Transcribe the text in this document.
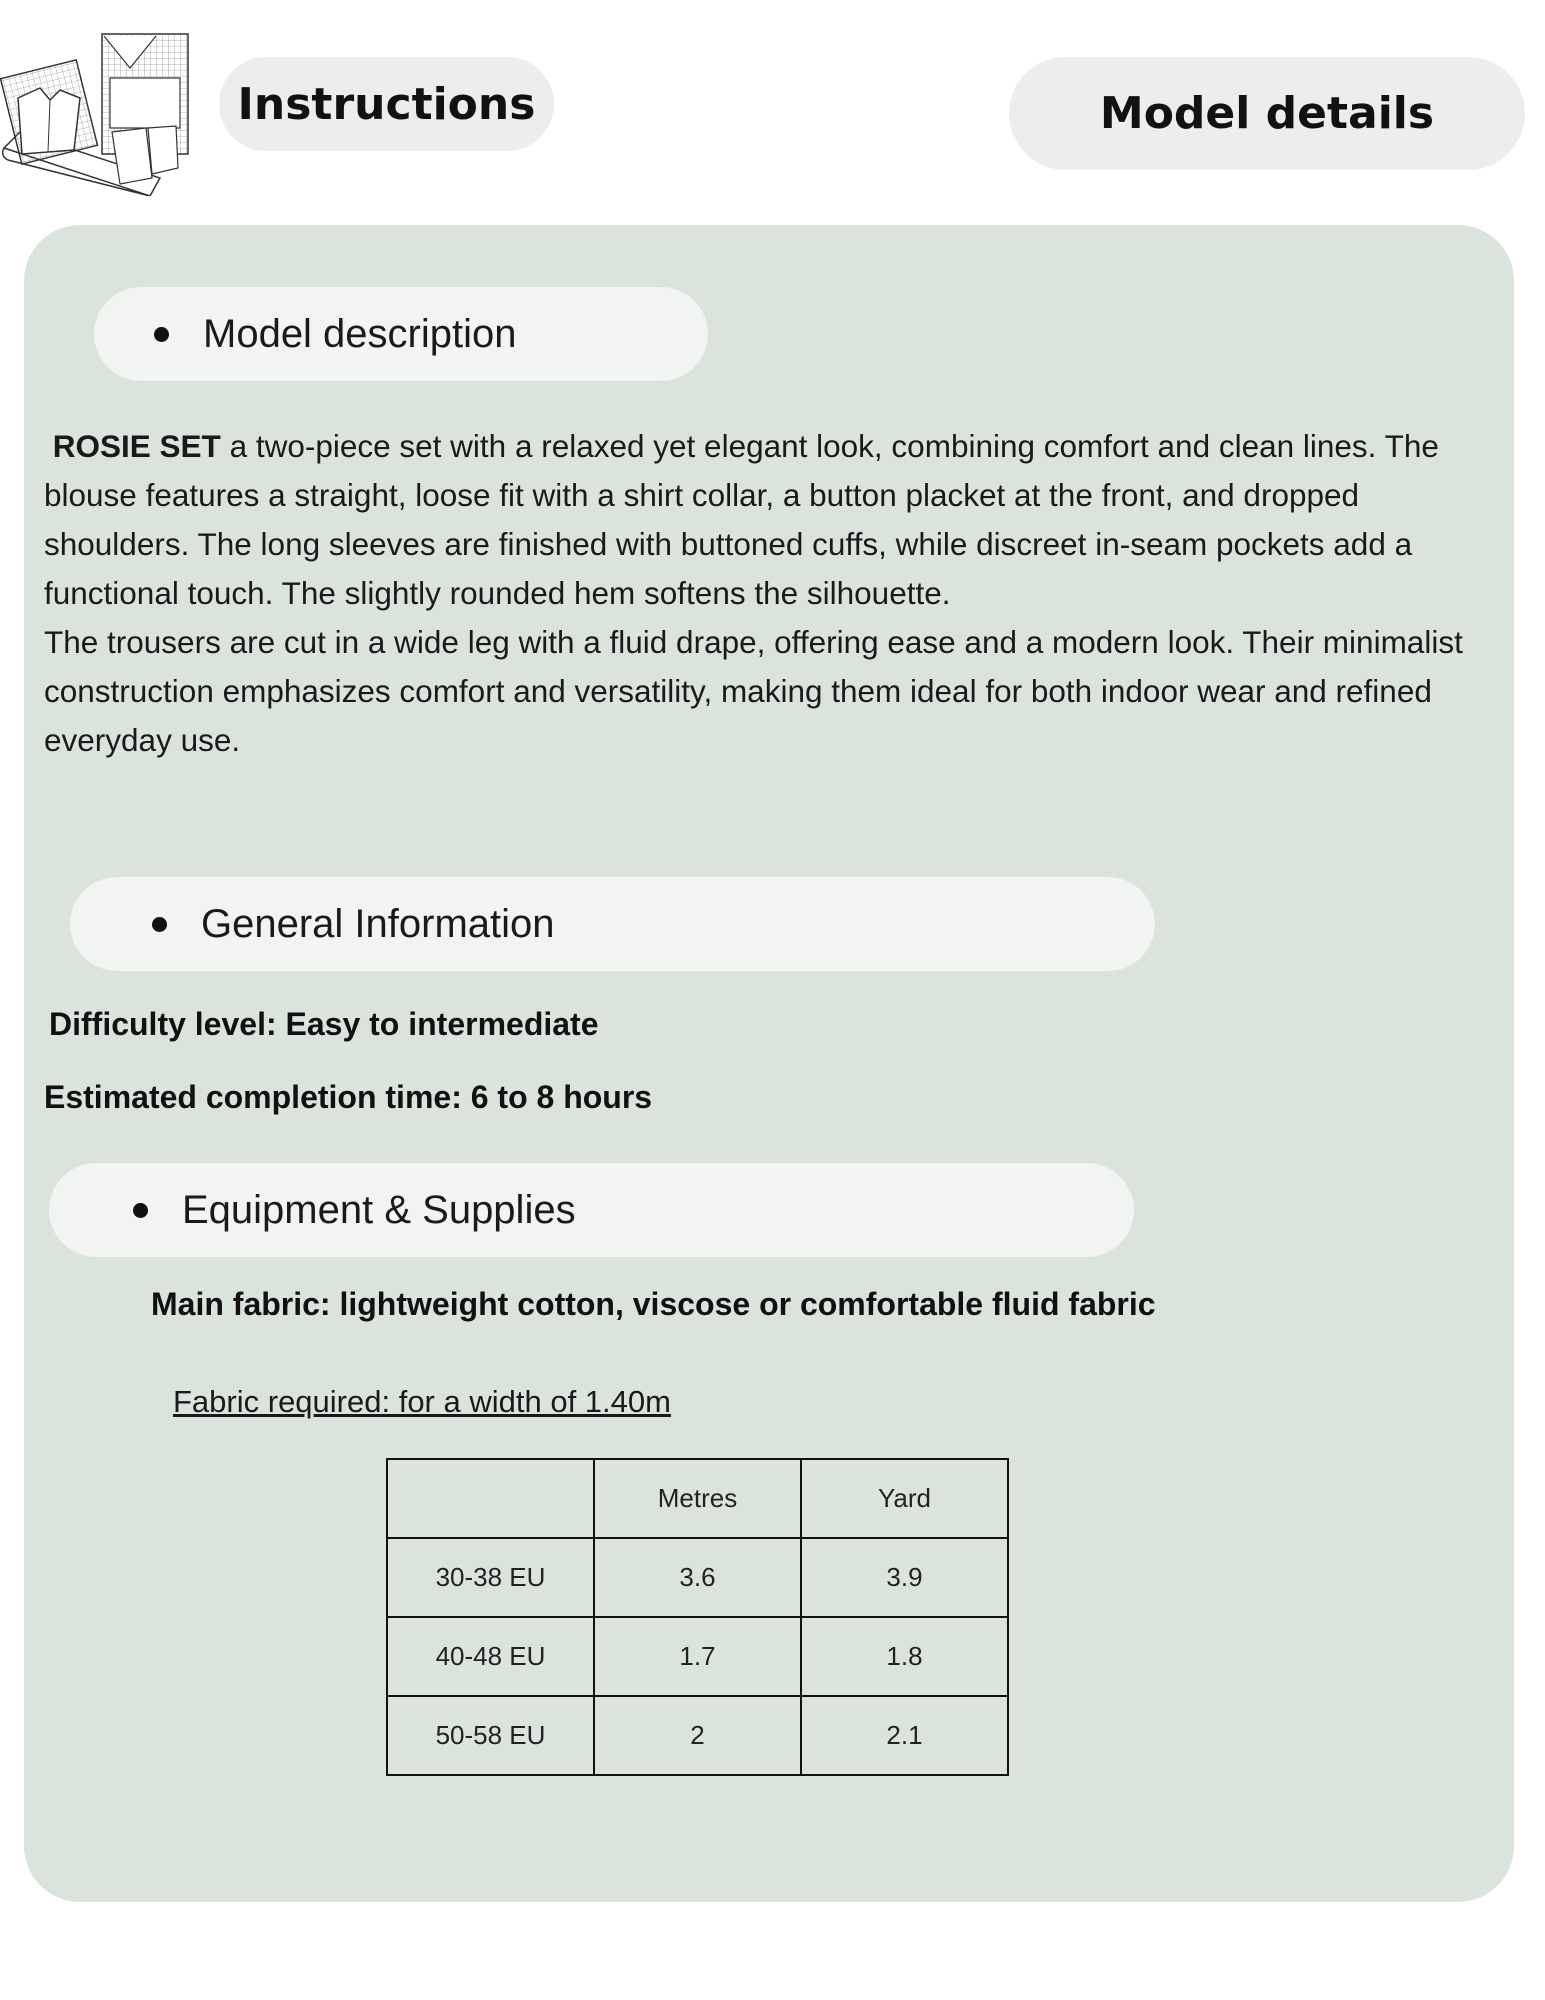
Instructions	Model details
Model description

ROSIE SET a two-piece set with a relaxed yet elegant look, combining comfort and clean lines. The blouse features a straight, loose fit with a shirt collar, a button placket at the front, and dropped shoulders. The long sleeves are finished with buttoned cuffs, while discreet in-seam pockets add a functional touch. The slightly rounded hem softens the silhouette.

The trousers are cut in a wide leg with a fluid drape, offering ease and a modern look. Their minimalist construction emphasizes comfort and versatility, making them ideal for both indoor wear and refined everyday use.

General Information
Difficulty level: Easy to intermediate
Estimated completion time: 6 to 8 hours
Equipment & Supplies
Main fabric: lightweight cotton, viscose or comfortable fluid fabric
Fabric required: for a width of 1.40m
	Metres	Yard
30-38 EU	3.6	3.9
40-48 EU	1.7	1.8
50-58 EU	2	2.1
